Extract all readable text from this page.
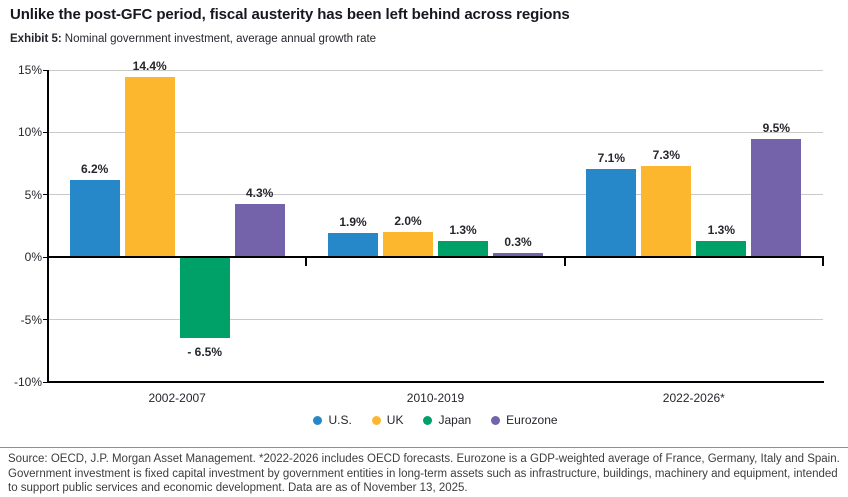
Unlike the post-GFC period, fiscal austerity has been left behind across regions
Exhibit 5: Nominal government investment, average annual growth rate
15%
10%
5%
0%
-5%
-10%
6.2%
14.4%
- 6.5%
4.3%
2002-2007
1.9%	2.0%
1.3%
0.3%
2010-2019
7.1%	7.3%
1.3%
9.5%
2022-2026*
U.S.	UK	Japan	Eurozone
Source: OECD, J.P. Morgan Asset Management. *2022-2026 includes OECD forecasts. Eurozone is a GDP-weighted average of France, Germany, Italy and Spain. Government investment is fixed capital investment by government entities in long-term assets such as infrastructure, buildings, machinery and equipment, intended to support public services and economic development. Data are as of November 13, 2025.
